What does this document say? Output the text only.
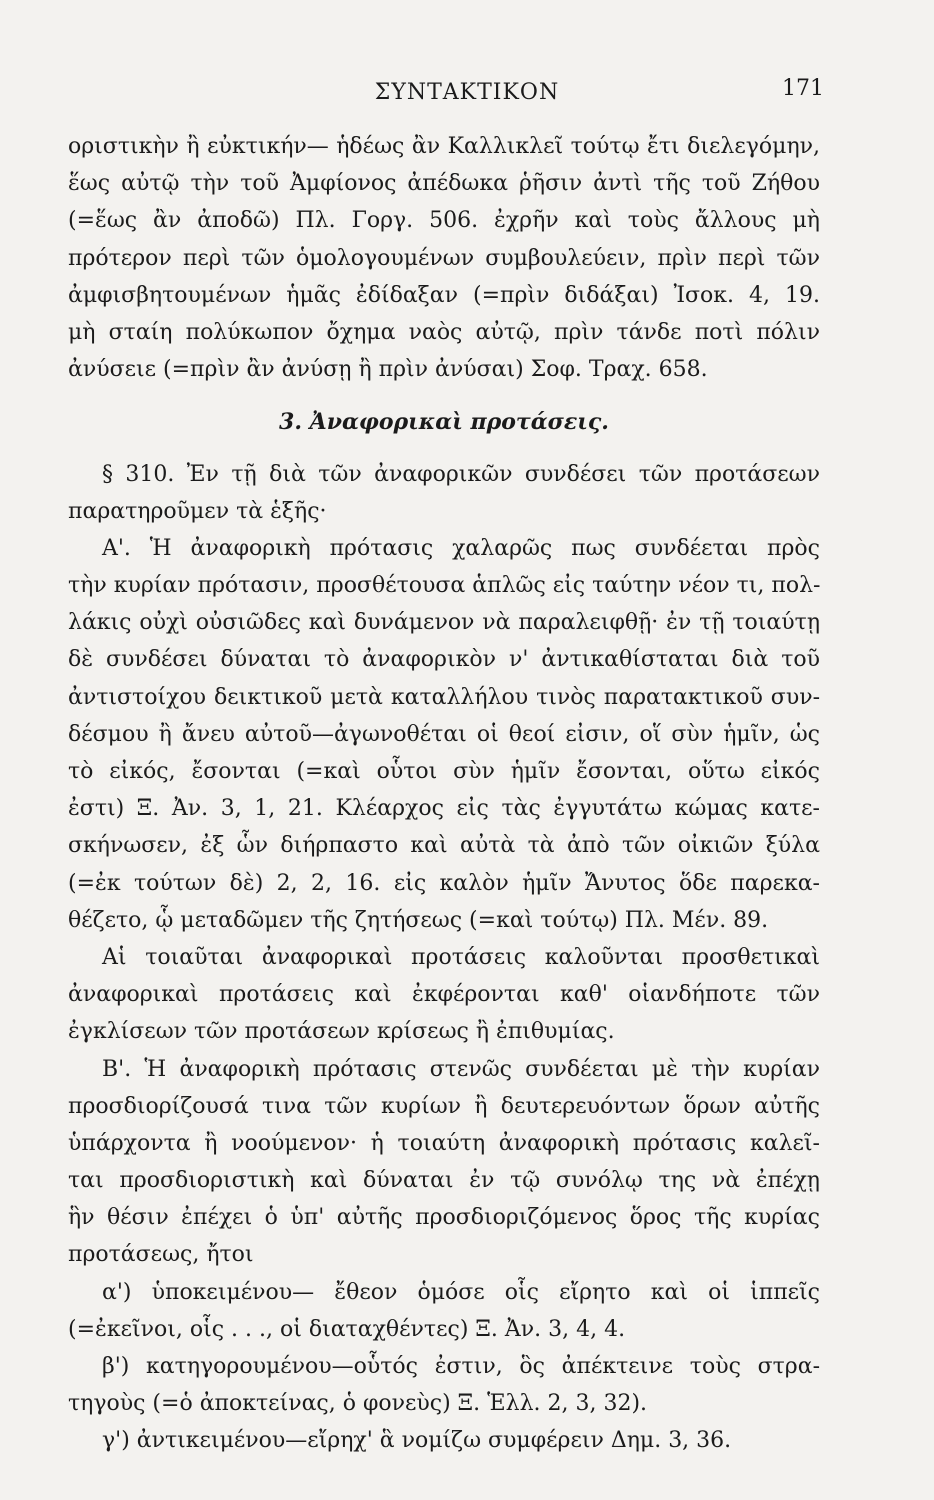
ΣΥΝΤΑΚΤΙΚΟΝ	171
οριστικὴν ἢ εὐκτικήν— ἡδέως ἂν Καλλικλεῖ τούτῳ ἔτι διελεγόμην,
ἕως αὐτῷ τὴν τοῦ Ἀμφίονος ἀπέδωκα ῥῆσιν ἀντὶ τῆς τοῦ Ζήθου
(=ἕως ἂν ἀποδῶ) Πλ. Γοργ. 506. ἐχρῆν καὶ τοὺς ἄλλους μὴ
πρότερον περὶ τῶν ὁμολογουμένων συμβουλεύειν, πρὶν περὶ τῶν
ἀμφισβητουμένων ἡμᾶς ἐδίδαξαν (=πρὶν διδάξαι) Ἰσοκ. 4, 19.
μὴ σταίη πολύκωπον ὄχημα ναὸς αὐτῷ, πρὶν τάνδε ποτὶ πόλιν
ἀνύσειε (=πρὶν ἂν ἀνύσῃ ἢ πρὶν ἀνύσαι) Σοφ. Τραχ. 658.
3. Ἀναφορικαὶ προτάσεις.
§ 310. Ἐν τῇ διὰ τῶν ἀναφορικῶν συνδέσει τῶν προτάσεων
παρατηροῦμεν τὰ ἑξῆς·
Α'. Ἡ ἀναφορικὴ πρότασις χαλαρῶς πως συνδέεται πρὸς
τὴν κυρίαν πρότασιν, προσθέτουσα ἁπλῶς εἰς ταύτην νέον τι, πολ-
λάκις οὐχὶ οὐσιῶδες καὶ δυνάμενον νὰ παραλειφθῇ· ἐν τῇ τοιαύτῃ
δὲ συνδέσει δύναται τὸ ἀναφορικὸν ν' ἀντικαθίσταται διὰ τοῦ
ἀντιστοίχου δεικτικοῦ μετὰ καταλλήλου τινὸς παρατακτικοῦ συν-
δέσμου ἢ ἄνευ αὐτοῦ—ἀγωνοθέται οἱ θεοί εἰσιν, οἵ σὺν ἡμῖν, ὡς
τὸ εἰκός, ἔσονται (=καὶ οὗτοι σὺν ἡμῖν ἔσονται, οὕτω εἰκός
ἐστι) Ξ. Ἀν. 3, 1, 21. Κλέαρχος εἰς τὰς ἐγγυτάτω κώμας κατε-
σκήνωσεν, ἐξ ὧν διήρπαστο καὶ αὐτὰ τὰ ἀπὸ τῶν οἰκιῶν ξύλα
(=ἐκ τούτων δὲ) 2, 2, 16. εἰς καλὸν ἡμῖν Ἄνυτος ὅδε παρεκα-
θέζετο, ᾧ μεταδῶμεν τῆς ζητήσεως (=καὶ τούτῳ) Πλ. Μέν. 89.
Αἱ τοιαῦται ἀναφορικαὶ προτάσεις καλοῦνται προσθετικαὶ
ἀναφορικαὶ προτάσεις καὶ ἐκφέρονται καθ' οἱανδήποτε τῶν
ἐγκλίσεων τῶν προτάσεων κρίσεως ἢ ἐπιθυμίας.
Β'. Ἡ ἀναφορικὴ πρότασις στενῶς συνδέεται μὲ τὴν κυρίαν
προσδιορίζουσά τινα τῶν κυρίων ἢ δευτερευόντων ὅρων αὐτῆς
ὑπάρχοντα ἢ νοούμενον· ἡ τοιαύτη ἀναφορικὴ πρότασις καλεῖ-
ται προσδιοριστικὴ καὶ δύναται ἐν τῷ συνόλῳ της νὰ ἐπέχῃ
ἣν θέσιν ἐπέχει ὁ ὑπ' αὐτῆς προσδιοριζόμενος ὅρος τῆς κυρίας
προτάσεως, ἤτοι
α') ὑποκειμένου— ἔθεον ὁμόσε οἷς εἴρητο καὶ οἱ ἱππεῖς
(=ἐκεῖνοι, οἷς . . ., οἱ διαταχθέντες) Ξ. Ἀν. 3, 4, 4.
β') κατηγορουμένου—οὗτός ἐστιν, ὃς ἀπέκτεινε τοὺς στρα-
τηγοὺς (=ὁ ἀποκτείνας, ὁ φονεὺς) Ξ. Ἑλλ. 2, 3, 32).
γ') ἀντικειμένου—εἴρηχ' ἃ νομίζω συμφέρειν Δημ. 3, 36.
